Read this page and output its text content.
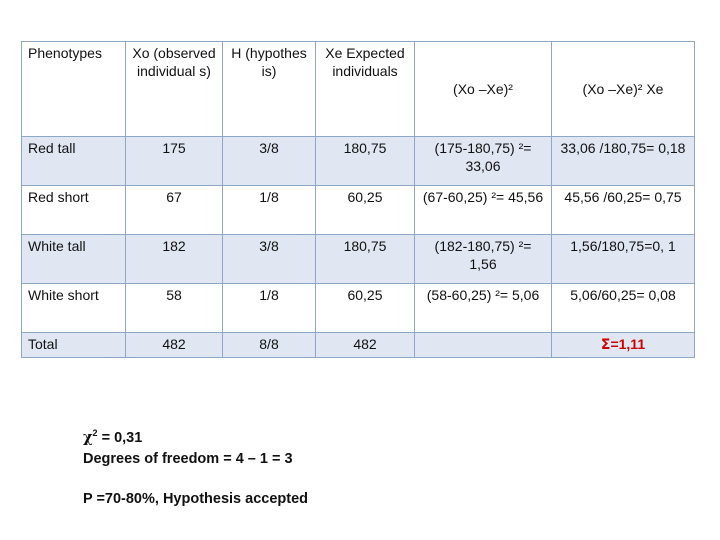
Phenotypes	Xo (observed individual s)	H (hypothes is)	Xe Expected individuals	(Xo –Xe)²	(Xo –Xe)² Xe
Red tall	175	3/8	180,75	(175-180,75) ²= 33,06	33,06 /180,75= 0,18
Red short	67	1/8	60,25	(67-60,25) ²= 45,56	45,56 /60,25= 0,75
White tall	182	3/8	180,75	(182-180,75) ²= 1,56	1,56/180,75=0, 1
White short	58	1/8	60,25	(58-60,25) ²= 5,06	5,06/60,25= 0,08
Total	482	8/8	482		Σ=1,11
$\chi^2 = 0,31$
Degrees of freedom = 4 – 1 = 3
P =70-80%, Hypothesis accepted
